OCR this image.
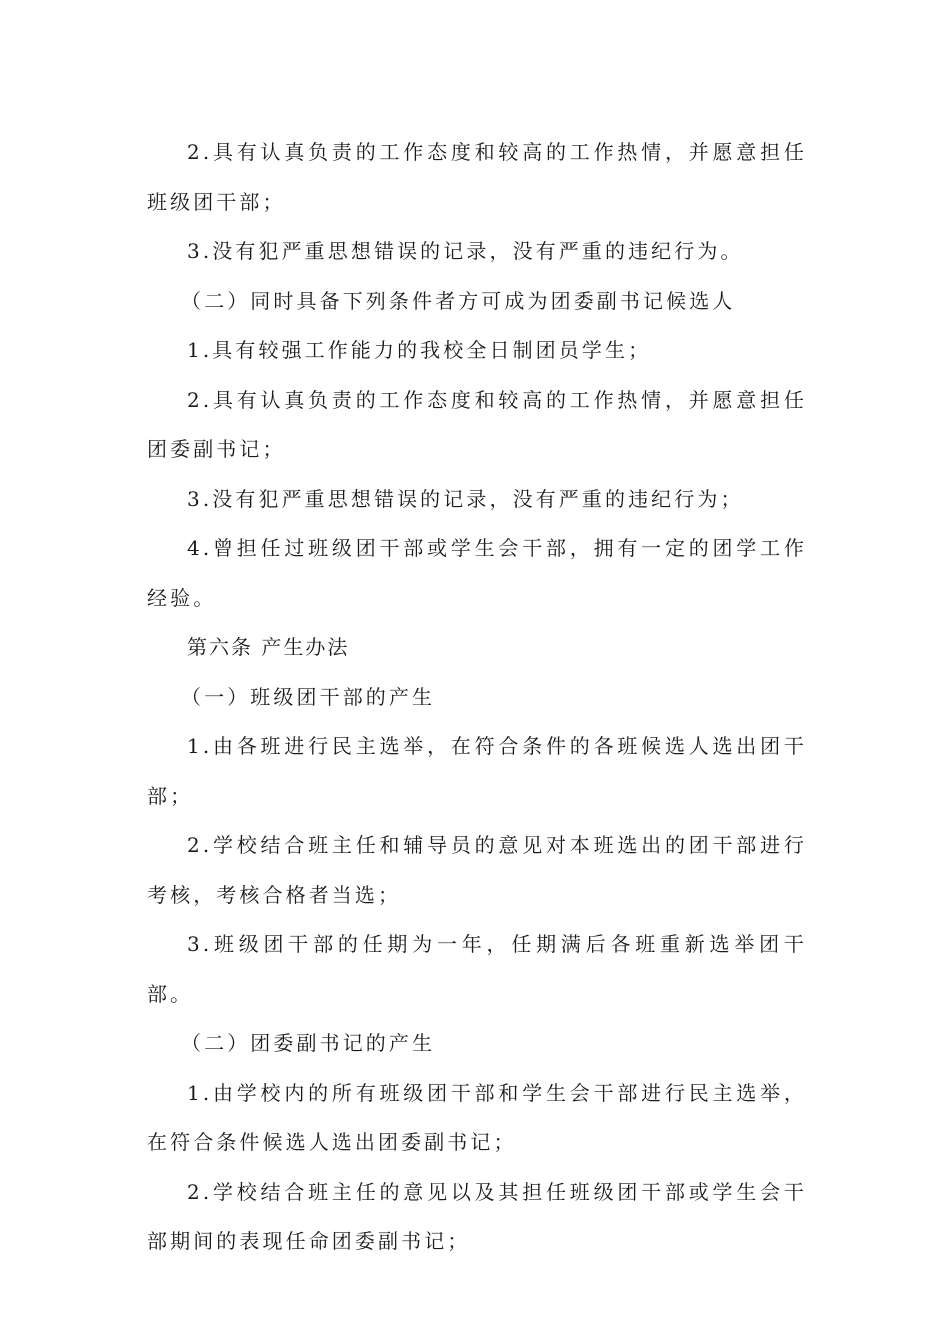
2.具有认真负责的工作态度和较高的工作热情，并愿意担任班级团干部；

3.没有犯严重思想错误的记录，没有严重的违纪行为。

（二）同时具备下列条件者方可成为团委副书记候选人

1.具有较强工作能力的我校全日制团员学生；

2.具有认真负责的工作态度和较高的工作热情，并愿意担任团委副书记；

3.没有犯严重思想错误的记录，没有严重的违纪行为；

4.曾担任过班级团干部或学生会干部，拥有一定的团学工作经验。

第六条 产生办法

（一）班级团干部的产生

1.由各班进行民主选举，在符合条件的各班候选人选出团干部；

2.学校结合班主任和辅导员的意见对本班选出的团干部进行考核，考核合格者当选；

3.班级团干部的任期为一年，任期满后各班重新选举团干部。

（二）团委副书记的产生

1.由学校内的所有班级团干部和学生会干部进行民主选举，在符合条件候选人选出团委副书记；

2.学校结合班主任的意见以及其担任班级团干部或学生会干部期间的表现任命团委副书记；
